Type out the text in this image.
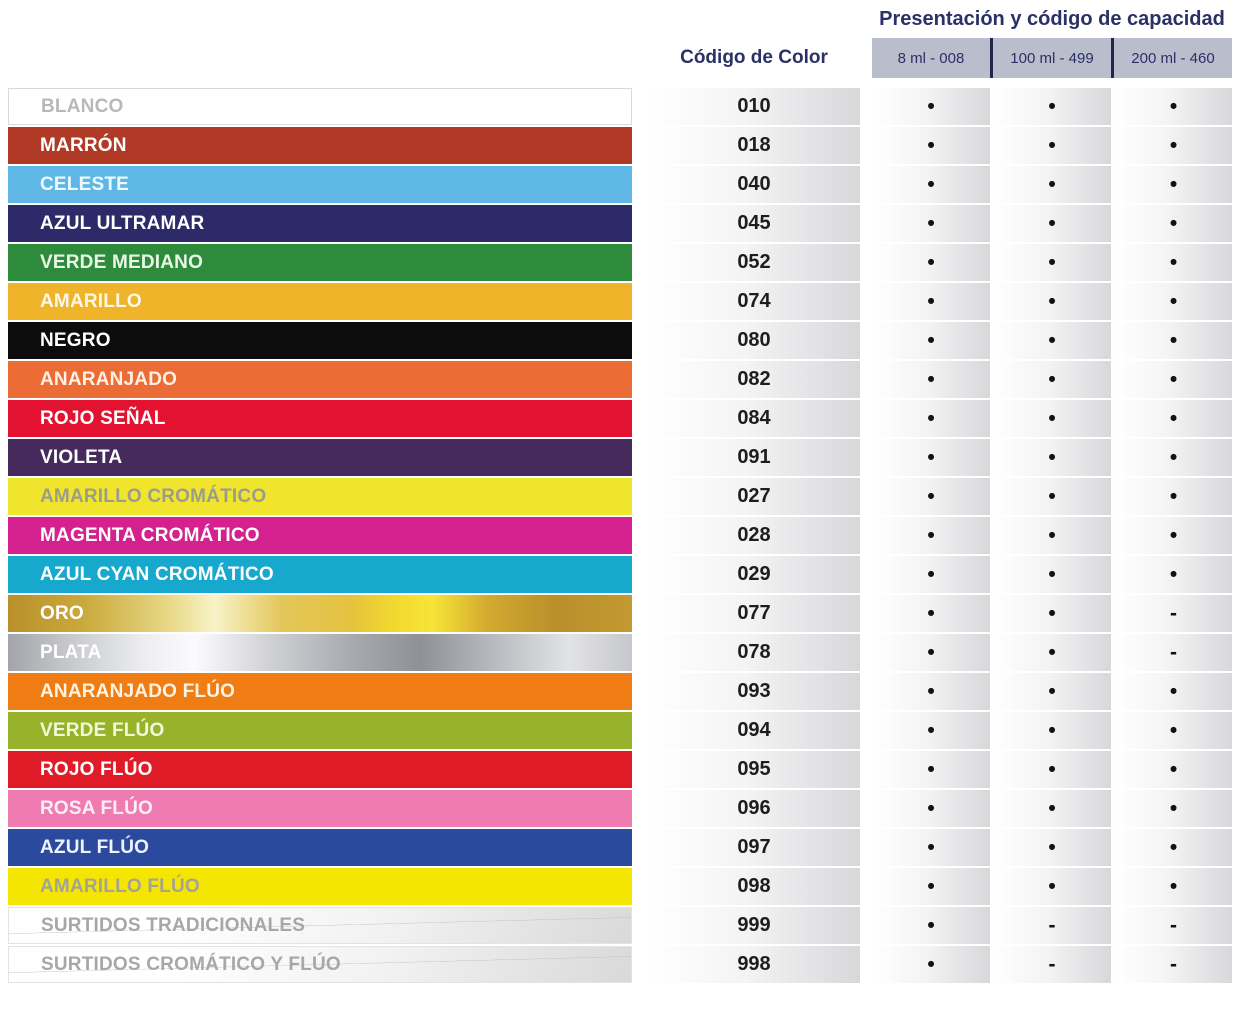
Presentación y código de capacidad
Código de Color	8 ml - 008	100 ml - 499	200 ml - 460
BLANCO	010	•	•	•
MARRÓN	018	•	•	•
CELESTE	040	•	•	•
AZUL ULTRAMAR	045	•	•	•
VERDE MEDIANO	052	•	•	•
AMARILLO	074	•	•	•
NEGRO	080	•	•	•
ANARANJADO	082	•	•	•
ROJO SEÑAL	084	•	•	•
VIOLETA	091	•	•	•
AMARILLO CROMÁTICO	027	•	•	•
MAGENTA CROMÁTICO	028	•	•	•
AZUL CYAN CROMÁTICO	029	•	•	•
ORO	077	•	•	-
PLATA	078	•	•	-
ANARANJADO FLÚO	093	•	•	•
VERDE FLÚO	094	•	•	•
ROJO FLÚO	095	•	•	•
ROSA FLÚO	096	•	•	•
AZUL FLÚO	097	•	•	•
AMARILLO FLÚO	098	•	•	•
SURTIDOS TRADICIONALES	999	•	-	-
SURTIDOS CROMÁTICO Y FLÚO	998	•	-	-
